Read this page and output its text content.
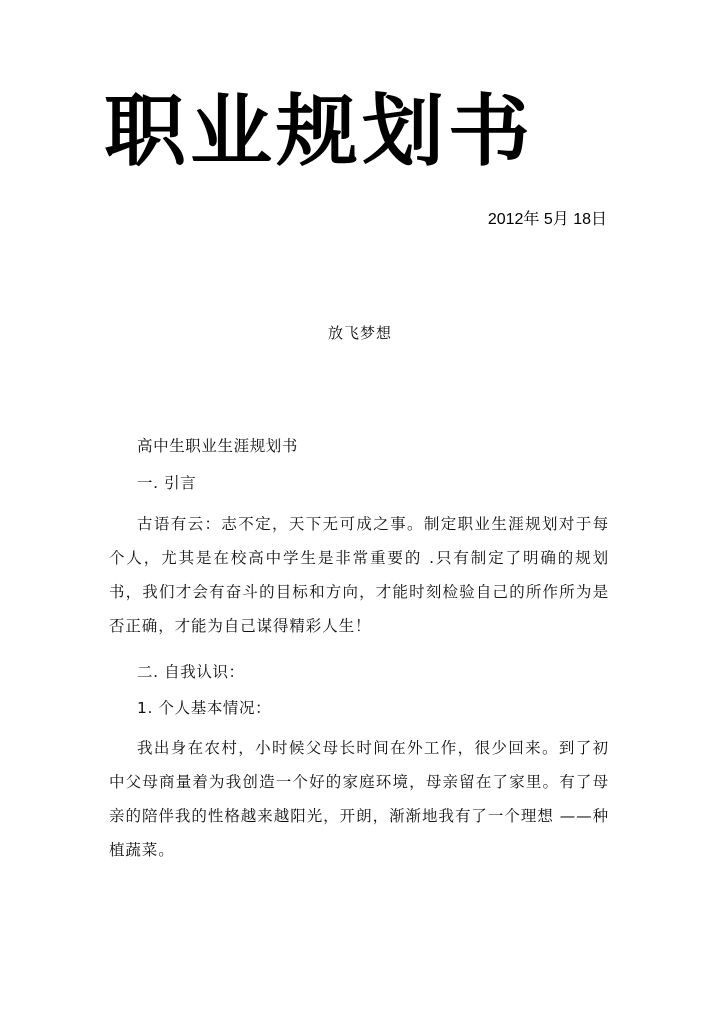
职业规划书
2012年 5月 18日
放飞梦想
高中生职业生涯规划书
一. 引言
古语有云：志不定，天下无可成之事。制定职业生涯规划对于每个人，尤其是在校高中学生是非常重要的 .只有制定了明确的规划书，我们才会有奋斗的目标和方向，才能时刻检验自己的所作所为是否正确，才能为自己谋得精彩人生！
二. 自我认识：
1. 个人基本情况：
我出身在农村，小时候父母长时间在外工作，很少回来。到了初中父母商量着为我创造一个好的家庭环境，母亲留在了家里。有了母亲的陪伴我的性格越来越阳光，开朗，渐渐地我有了一个理想 ——种植蔬菜。
